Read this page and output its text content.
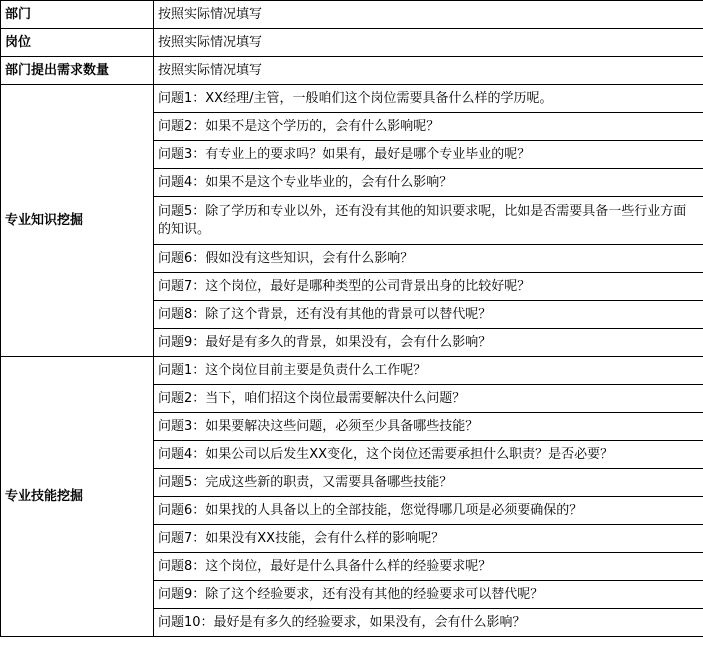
部门	按照实际情况填写
岗位	按照实际情况填写
部门提出需求数量	按照实际情况填写
专业知识挖掘	问题1：XX经理/主管，一般咱们这个岗位需要具备什么样的学历呢。
	问题2：如果不是这个学历的，会有什么影响呢？
	问题3：有专业上的要求吗？如果有，最好是哪个专业毕业的呢？
	问题4：如果不是这个专业毕业的，会有什么影响？
	问题5：除了学历和专业以外，还有没有其他的知识要求呢，比如是否需要具备一些行业方面的知识。
	问题6：假如没有这些知识，会有什么影响？
	问题7：这个岗位，最好是哪种类型的公司背景出身的比较好呢？
	问题8：除了这个背景，还有没有其他的背景可以替代呢？
	问题9：最好是有多久的背景，如果没有，会有什么影响？
专业技能挖掘	问题1：这个岗位目前主要是负责什么工作呢？
	问题2：当下，咱们招这个岗位最需要解决什么问题？
	问题3：如果要解决这些问题，必须至少具备哪些技能？
	问题4：如果公司以后发生XX变化，这个岗位还需要承担什么职责？是否必要？
	问题5：完成这些新的职责，又需要具备哪些技能？
	问题6：如果找的人具备以上的全部技能，您觉得哪几项是必须要确保的？
	问题7：如果没有XX技能，会有什么样的影响呢？
	问题8：这个岗位，最好是什么具备什么样的经验要求呢？
	问题9：除了这个经验要求，还有没有其他的经验要求可以替代呢？
	问题10：最好是有多久的经验要求，如果没有，会有什么影响？
